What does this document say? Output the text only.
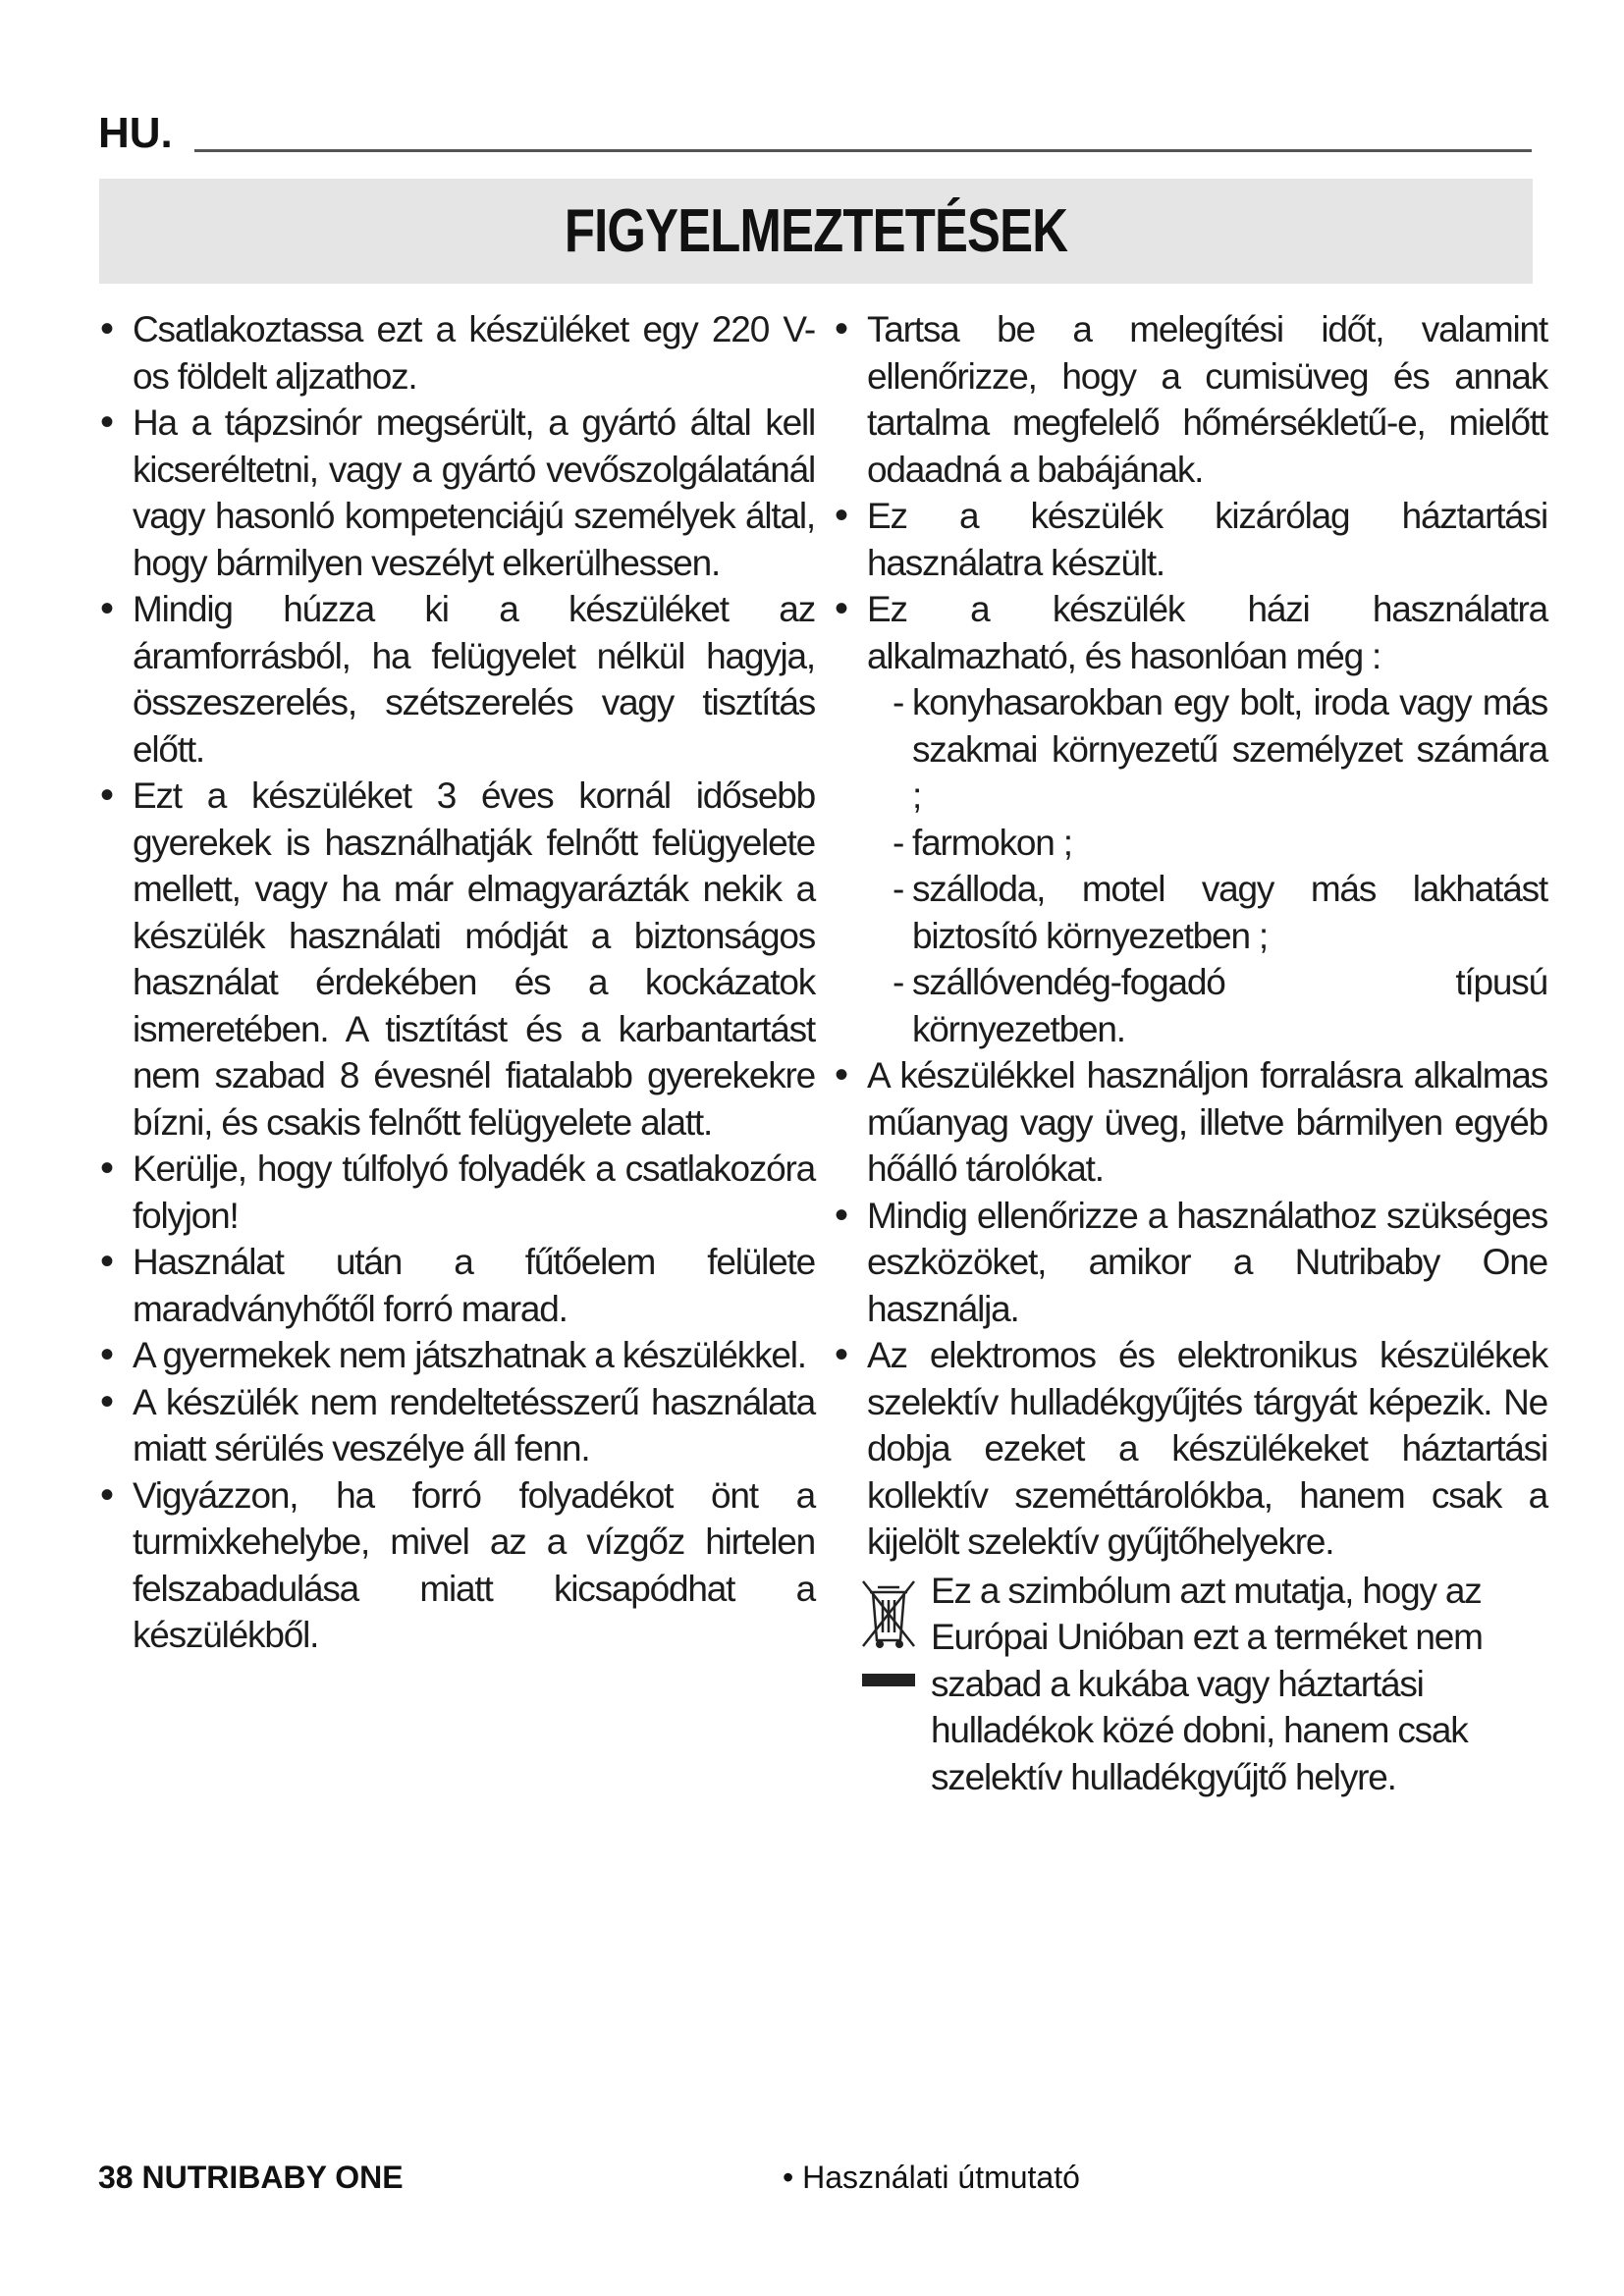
HU.
FIGYELMEZTETÉSEK
• Csatlakoztassa ezt a készüléket egy 220 V-os földelt aljzathoz.
• Ha a tápzsinór megsérült, a gyártó által kell kicseréltetni, vagy a gyártó vevőszolgálatánál vagy hasonló kompetenciájú személyek által, hogy bármilyen veszélyt elkerülhessen.
• Mindig húzza ki a készüléket az áramforrásból, ha felügyelet nélkül hagyja, összeszerelés, szétszerelés vagy tisztítás előtt.
• Ezt a készüléket 3 éves kornál idősebb gyerekek is használhatják felnőtt felügyelete mellett, vagy ha már elmagyarázták nekik a készülék használati módját a biztonságos használat érdekében és a kockázatok ismeretében. A tisztítást és a karbantartást nem szabad 8 évesnél fiatalabb gyerekekre bízni, és csakis felnőtt felügyelete alatt.
• Kerülje, hogy túlfolyó folyadék a csatlakozóra folyjon!
• Használat után a fűtőelem felülete maradványhőtől forró marad.
• A gyermekek nem játszhatnak a készülékkel.
• A készülék nem rendeltetésszerű használata miatt sérülés veszélye áll fenn.
• Vigyázzon, ha forró folyadékot önt a turmixkehelybe, mivel az a vízgőz hirtelen felszabadulása miatt kicsapódhat a készülékből.
• Tartsa be a melegítési időt, valamint ellenőrizze, hogy a cumisüveg és annak tartalma megfelelő hőmérsékletű-e, mielőtt odaadná a babájának.
• Ez a készülék kizárólag háztartási használatra készült.
• Ez a készülék házi használatra alkalmazható, és hasonlóan még :
- konyhasarokban egy bolt, iroda vagy más szakmai környezetű személyzet számára ;
- farmokon ;
- szálloda, motel vagy más lakhatást biztosító környezetben ;
- szállóvendég-fogadó típusú környezetben.
• A készülékkel használjon forralásra alkalmas műanyag vagy üveg, illetve bármilyen egyéb hőálló tárolókat.
• Mindig ellenőrizze a használathoz szükséges eszközöket, amikor a Nutribaby One használja.
• Az elektromos és elektronikus készülékek szelektív hulladékgyűjtés tárgyát képezik. Ne dobja ezeket a készülékeket háztartási kollektív szeméttárolókba, hanem csak a kijelölt szelektív gyűjtőhelyekre.
Ez a szimbólum azt mutatja, hogy az Európai Unióban ezt a terméket nem szabad a kukába vagy háztartási hulladékok közé dobni, hanem csak szelektív hulladékgyűjtő helyre.
38 NUTRIBABY ONE	• Használati útmutató
